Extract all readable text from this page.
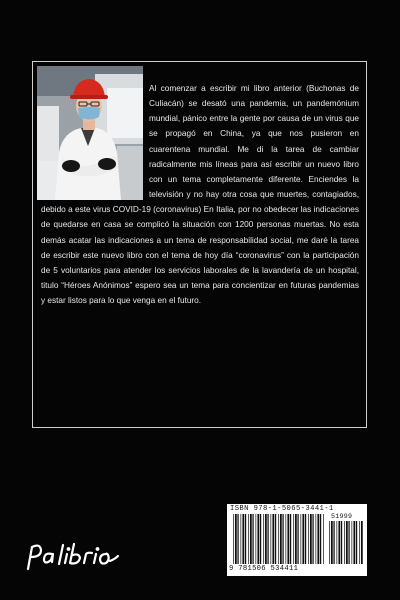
Al comenzar a escribir mi libro anterior (Buchonas de Culiacán) se desató una pandemia, un pandemónium mundial, pánico entre la gente por causa de un virus que se propagó en China, ya que nos pusieron en cuarentena mundial. Me di la tarea de cambiar radicalmente mis líneas para así escribir un nuevo libro con un tema completamente diferente. Enciendes la televisión y no hay otra cosa que muertes, contagiados, debido a este virus COVID-19 (coronavirus) En Italia, por no obedecer las indicaciones de quedarse en casa se complicó la situación con 1200 personas muertas. No esta demás acatar las indicaciones a un tema de responsabilidad social, me daré la tarea de escribir este nuevo libro con el tema de hoy día “coronavirus” con la participación de 5 voluntarios para atender los servicios laborales de la lavandería de un hospital, titulo “Héroes Anónimos” espero sea un tema para concientizar en futuras pandemias y estar listos para lo que venga en el futuro.

ISBN 978-1-5065-3441-1
51999
9 781506 534411
